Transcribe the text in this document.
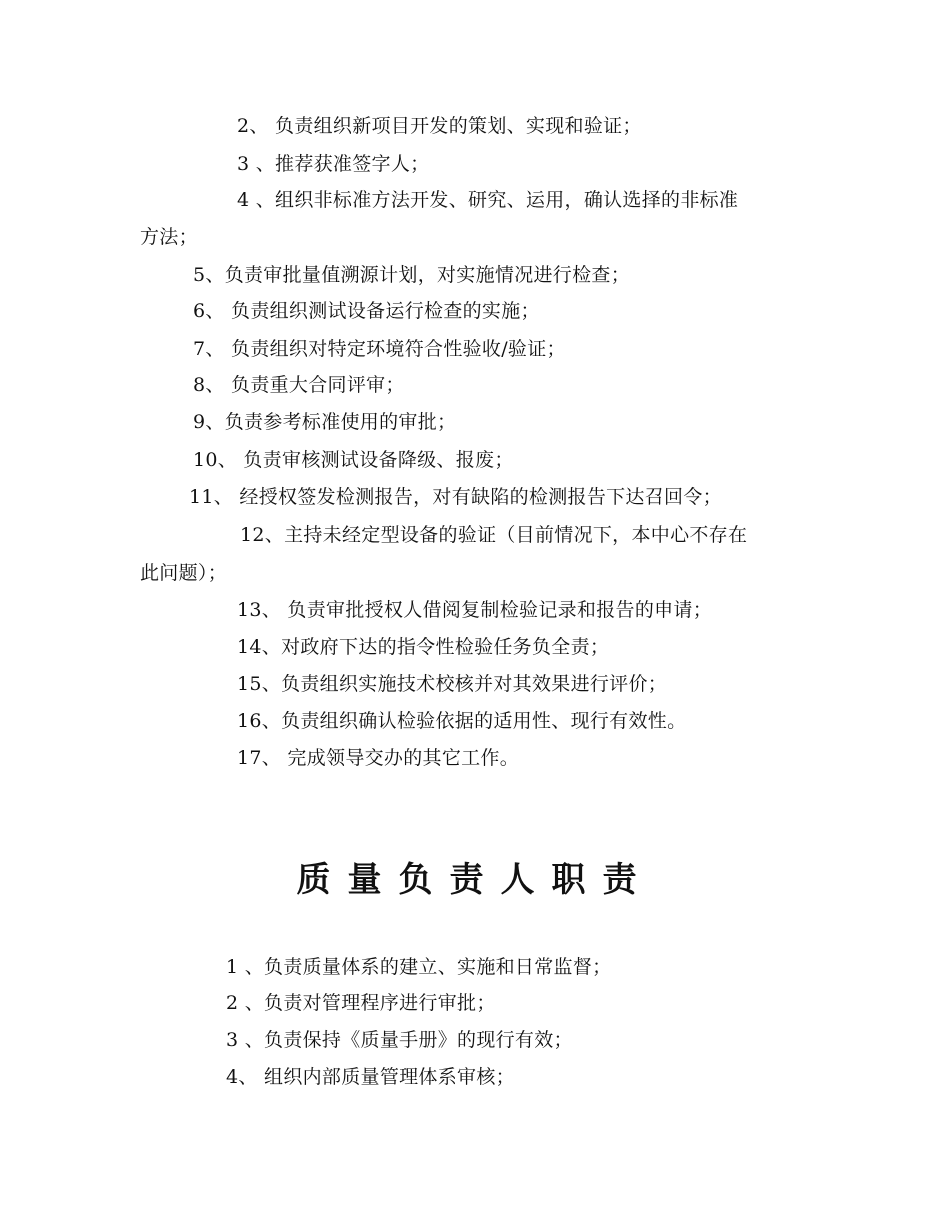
2、 负责组织新项目开发的策划、实现和验证；
3 、推荐获准签字人；
4 、组织非标准方法开发、研究、运用，确认选择的非标准
方法；
5、负责审批量值溯源计划，对实施情况进行检查；
6、 负责组织测试设备运行检查的实施；
7、 负责组织对特定环境符合性验收/验证；
8、 负责重大合同评审；
9、负责参考标准使用的审批；
10、 负责审核测试设备降级、报废；
11、 经授权签发检测报告，对有缺陷的检测报告下达召回令；
12、主持未经定型设备的验证（目前情况下，本中心不存在
此问题）；
13、 负责审批授权人借阅复制检验记录和报告的申请；
14、对政府下达的指令性检验任务负全责；
15、负责组织实施技术校核并对其效果进行评价；
16、负责组织确认检验依据的适用性、现行有效性。
17、 完成领导交办的其它工作。
质量负责人职责
1 、负责质量体系的建立、实施和日常监督；
2 、负责对管理程序进行审批；
3 、负责保持《质量手册》的现行有效；
4、 组织内部质量管理体系审核；
